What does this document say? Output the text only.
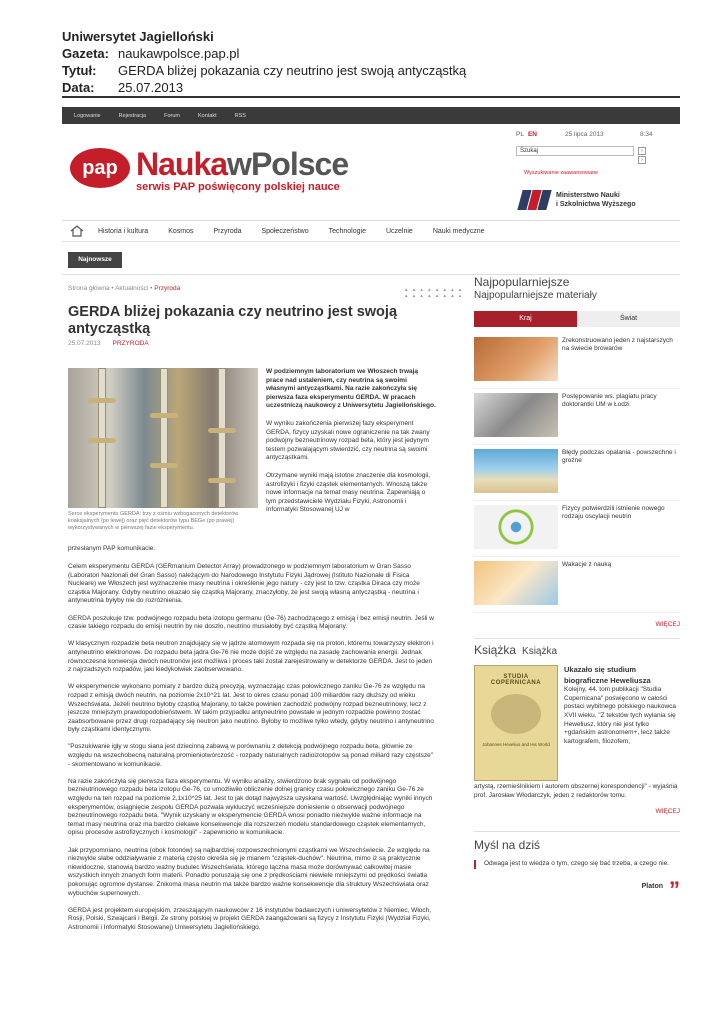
Uniwersytet Jagielloński
Gazeta: naukawpolsce.pap.pl
Tytuł:	GERDA bliżej pokazania czy neutrino jest swoją antycząstką
Data:	25.07.2013
Logowanie	Rejestracja	Forum	Kontakt	RSS
PL EN	25 lipca 2013	8:34
Szukaj	›
›
Wyszukiwanie zaawansowane
pap NaukawPolsce
serwis PAP poświęcony polskiej nauce
Ministerstwo Nauki
i Szkolnictwa Wyższego
Historia i kultura	Kosmos	Przyroda	Społeczeństwo	Technologie	Uczelnie	Nauki medyczne
Najnowsze
Strona główna • Aktualności • Przyroda	▲ ▲ ▲ ▲ ▲ ▲ ▲ ▲
▲ ▲ ▲ ▲ ▲ ▲ ▲ ▲
GERDA bliżej pokazania czy neutrino jest swoją antycząstką
25.07.2013 PRZYRODA
Serce eksperymentu GERDA: trzy z ośmiu wzbogaconych detektorów koaksjalnych (po lewej) oraz pięć detektorów typu BEGe (po prawej) wykorzystywanych w pierwszej fazie eksperymentu.
przesłanym PAP komunikacie.

W podziemnym laboratorium we Włoszech trwają prace nad ustaleniem, czy neutrina są swoimi własnymi antycząstkami. Na razie zakończyła się pierwsza faza eksperymentu GERDA. W pracach uczestniczą naukowcy z Uniwersytetu Jagiellońskiego.

W wyniku zakończenia pierwszej fazy eksperyment GERDA, fizycy uzyskali nowe ograniczenie na tak zwany podwójny bezneutrinowy rozpad beta, który jest jedynym testem pozwalającym stwierdzić, czy neutrina są swoimi antycząstkami.

Otrzymane wyniki mają istotne znaczenie dla kosmologii, astrofizyki i fizyki cząstek elementarnych. Wnoszą także nowe informacje na temat masy neutrina. Zapewniają o tym przedstawiciele Wydziału Fizyki, Astronomii i Informatyki Stosowanej UJ w

Celem eksperymentu GERDA (GERmanium Detector Array) prowadzonego w podziemnym laboratorium w Gran Sasso (Laboratori Nazionali del Gran Sasso) należącym do Narodowego Instytutu Fizyki Jądrowej (Istituto Nazionale di Fisica Nucleare) we Włoszech jest wyznaczenie masy neutrina i określenie jego natury - czy jest to tzw. cząstka Diraca czy może cząstka Majorany. Gdyby neutrino okazało się cząstką Majorany, znaczyłoby, że jest swoją własną antycząstką - neutrina i antyneutrina byłyby nie do rozróżnienia.

GERDA poszukuje tzw. podwójnego rozpadu beta izotopu germanu (Ge-76) zachodzącego z emisją i bez emisji neutrin. Jeśli w czasie takiego rozpadu do emisji neutrin by nie doszło, neutrino musiałoby być cząstką Majorany.

W klasycznym rozpadzie beta neutron znajdujący się w jądrze atomowym rozpada się na proton, któremu towarzyszy elektron i antyneutrino elektronowe. Do rozpadu beta jądra Ge-76 nie może dojść ze względu na zasadę zachowania energii. Jednak równoczesna konwersja dwóch neutronów jest możliwa i proces taki został zarejestrowany w detektorze GERDA. Jest to jeden z najrzadszych rozpadów, jaki kiedykolwiek zaobserwowano.

W eksperymencie wykonano pomiary z bardzo dużą precyzją, wyznaczając czas połowicznego zaniku Ge-76 ze względu na rozpad z emisją dwóch neutrin, na poziomie 2x10^21 lat. Jest to okres czasu ponad 100 miliardów razy dłuższy od wieku Wszechświata. Jeżeli neutrino byłoby cząstką Majorany, to także powinien zachodzić podwójny rozpad bezneutrinowy, lecz z jeszcze mniejszym prawdopodobieństwem. W takim przypadku antyneutrino powstałe w jednym rozpadzie powinno zostać zaabsorbowane przez drugi rozpadający się neutron jako neutrino. Byłoby to możliwe tylko wtedy, gdyby neutrino i antyneutrino były cząstkami identycznymi.

"Poszukiwanie igły w stogu siana jest dziecinną zabawą w porównaniu z detekcją podwójnego rozpadu beta, głównie ze względu na wszechobecną naturalną promieniotwórczość - rozpady naturalnych radioizotopów są ponad miliard razy częstsze" - skomentowano w komunikacie.

Na razie zakończyła się pierwsza faza eksperymentu. W wyniku analizy, stwierdzono brak sygnału od podwójnego bezneutrinowego rozpadu beta izotopu Ge-76, co umożliwiło obliczenie dolnej granicy czasu połowicznego zaniku Ge-76 ze względu na ten rozpad na poziomie 2,1x10^25 lat. Jest to jak dotąd najwyższa uzyskana wartość. Uwzględniając wyniki innych eksperymentów, osiągnięcie zespołu GERDA pozwala wykluczyć wcześniejsze doniesienie o obserwacji podwójnego bezneutrinowego rozpadu beta. "Wynik uzyskany w eksperymencie GERDA wnosi ponadto niezwykle ważne informacje na temat masy neutrina oraz ma bardzo ciekawe konsekwencje dla rozszerzeń modelu standardowego cząstek elementarnych, opisu procesów astrofizycznych i kosmologii" - zapewniono w komunikacie.

Jak przypomniano, neutrina (obok fotonów) są najbardziej rozpowszechnionymi cząstkami we Wszechświecie. Ze względu na niezwykle słabe oddziaływanie z materią często określa się je mianem "cząstek-duchów". Neutrina, mimo iż są praktycznie niewidoczne, stanowią bardzo ważny budulec Wszechświata, którego łączna masa może dorównywać całkowitej masie wszystkich innych znanych form materii. Ponadto poruszają się one z prędkościami niewiele mniejszymi od prędkości światła pokonując ogromne dystanse. Znikoma masa neutrin ma także bardzo ważne konsekwencje dla struktury Wszechświata oraz wybuchów supernowych.

GERDA jest projektem europejskim, zrzeszającym naukowców z 16 instytutów badawczych i uniwersytetów z Niemiec, Włoch, Rosji, Polski, Szwajcarii i Belgii. Ze strony polskiej w projekt GERDA zaangażowani są fizycy z Instytutu Fizyki (Wydział Fizyki, Astronomii i Informatyki Stosowanej) Uniwersytetu Jagiellońskiego.

Najpopularniejsze
Najpopularniejsze materiały
Kraj	Świat
Zrekonstruowano jeden z najstarszych na świecie browarów
Postępowanie ws. plagiatu pracy doktorantki UM w Łodzi
Błędy podczas opalania - powszechne i groźne
Fizycy potwierdzili istnienie nowego rodzaju oscylacji neutrin
Wakacje z nauką
WIĘCEJ
Książka Książka
STUDIA COPERNICANA
Johannes Hevelius and His World
Ukazało się studium biograficzne Heweliusza
Kolejny, 44. tom publikacji "Studia Copernicana" poświęcono w całości postaci wybitnego polskiego naukowca XVII wieku. "Z tekstów tych wyłania się Heweliusz, który nie jest tylko +gdańskim astronomem+, lecz także kartografem, filozofem,
artystą, rzemieślnikiem i autorem obszernej korespondencji" - wyjaśnia prof. Jarosław Włodarczyk, jeden z redaktorów tomu.
WIĘCEJ
Myśl na dziś
Odwaga jest to wiedza o tym, czego się bać trzeba, a czego nie.
Platon ”
